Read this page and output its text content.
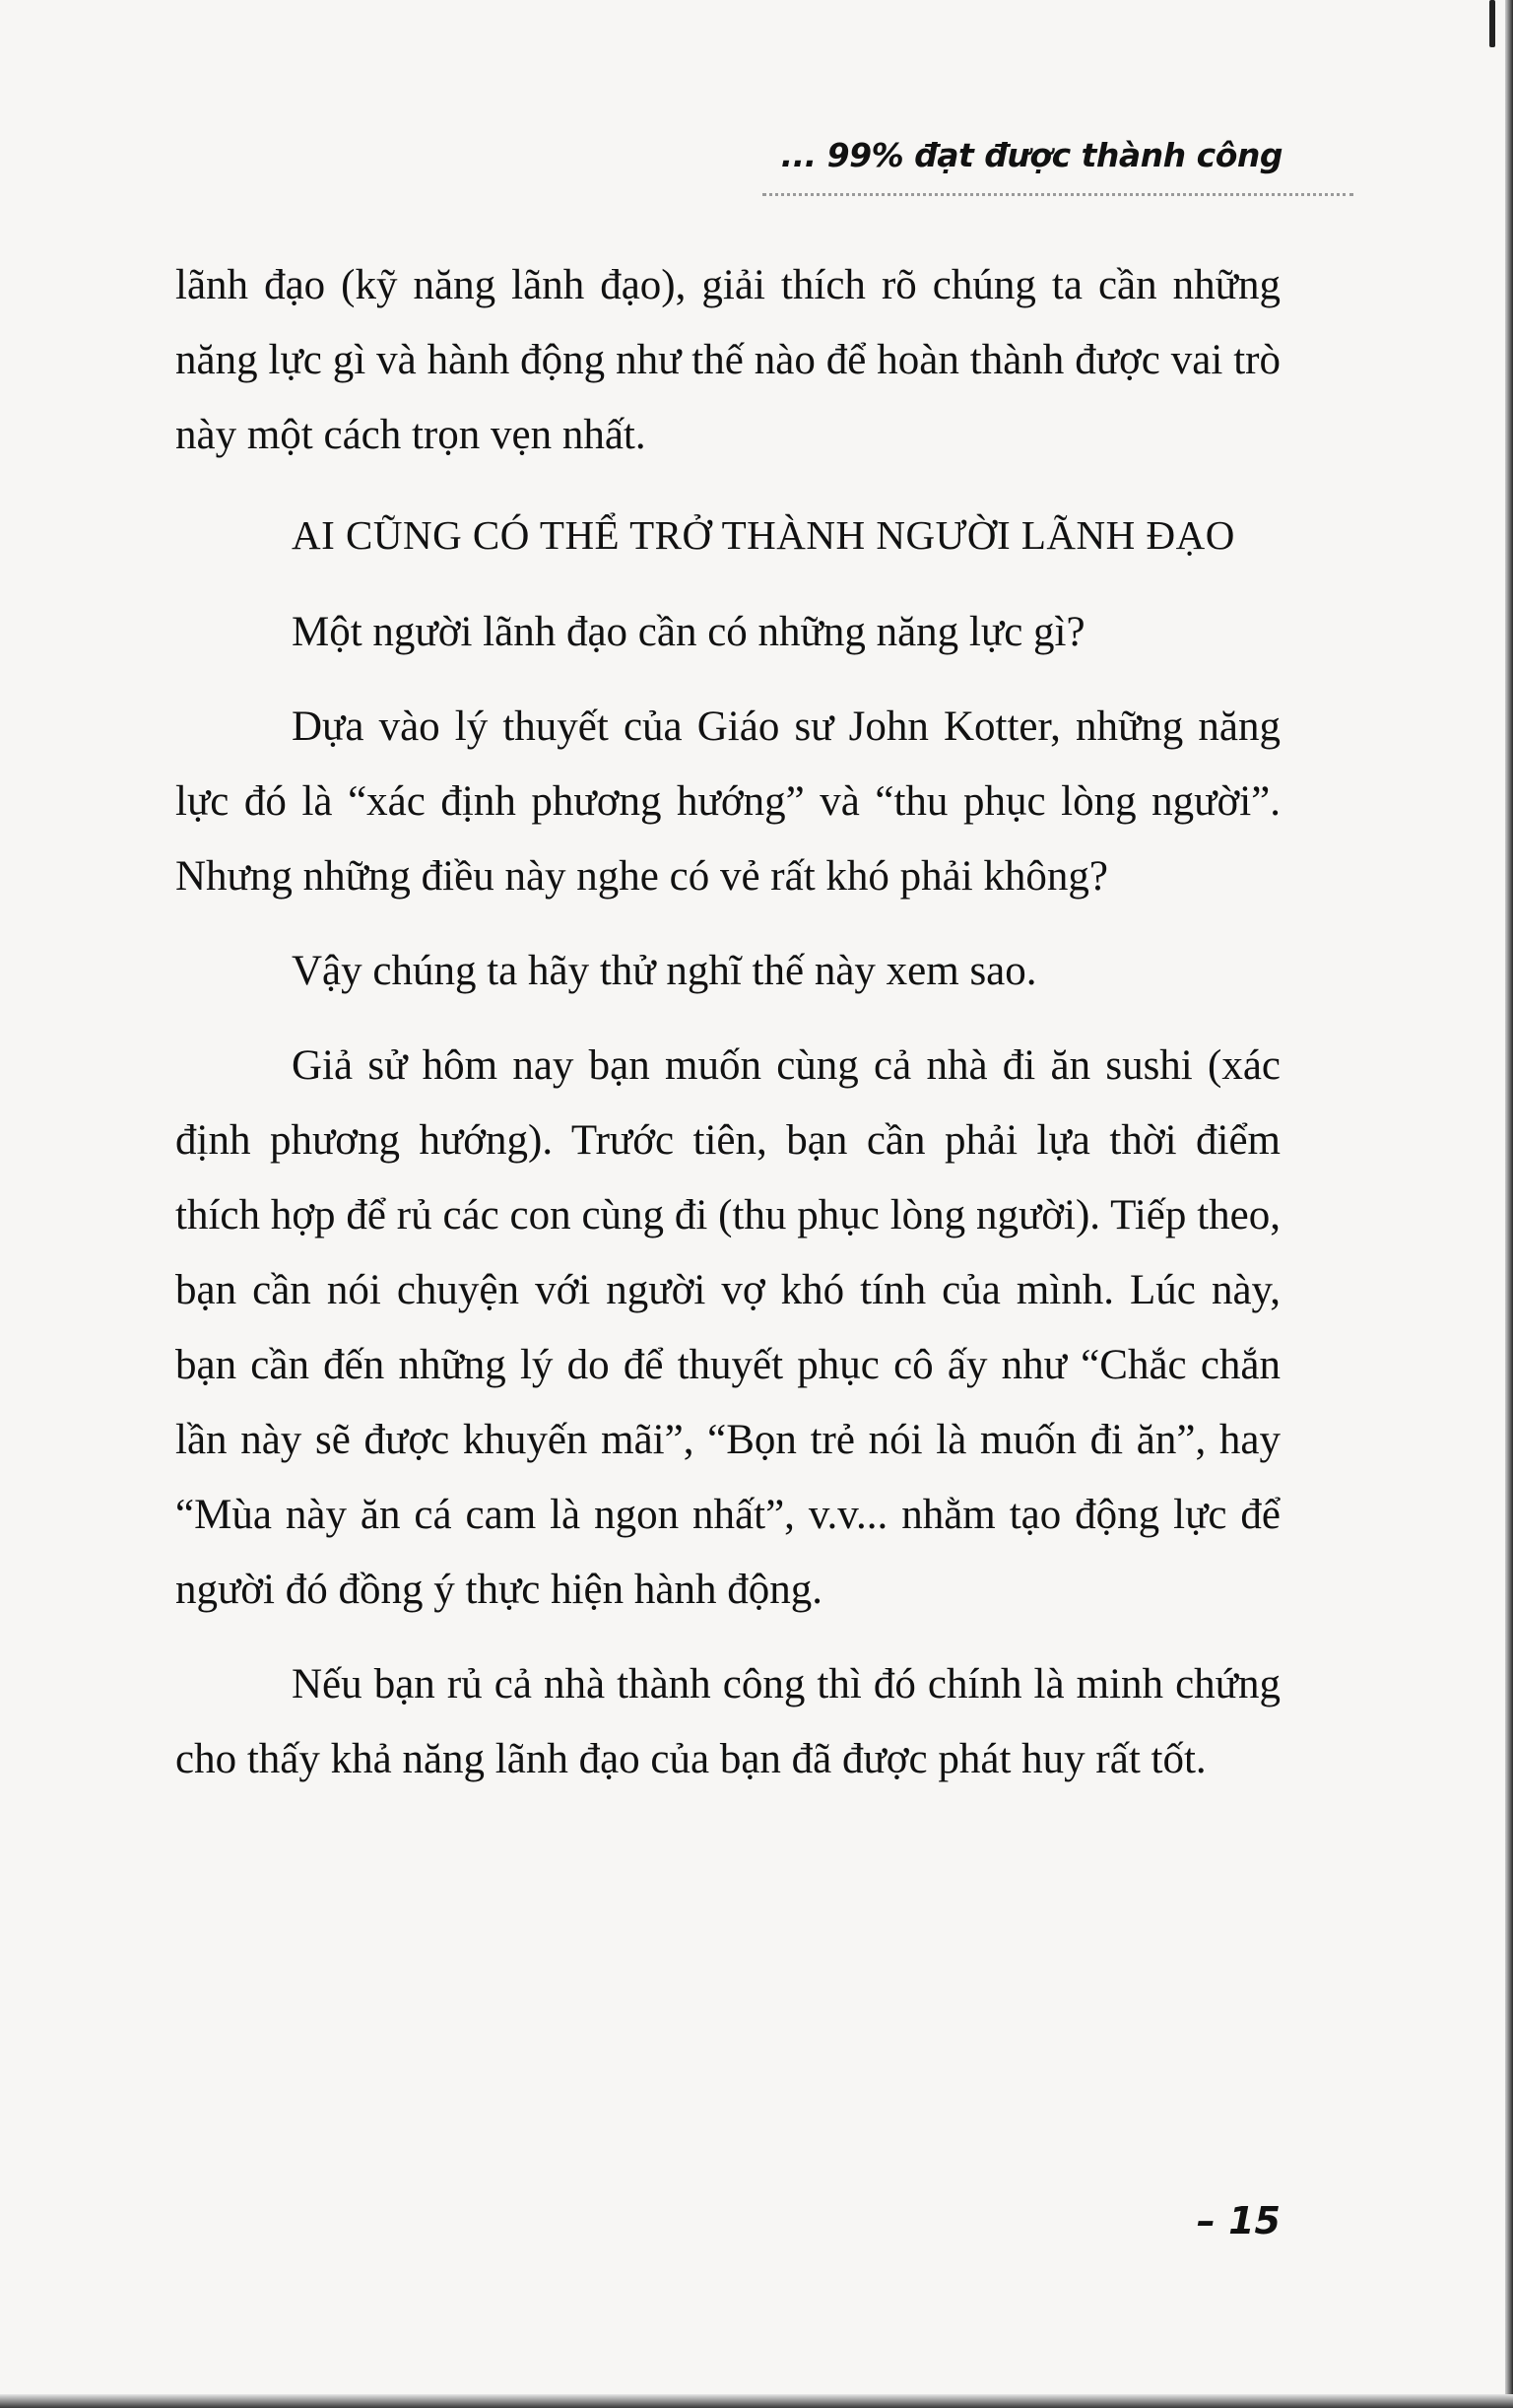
... 99% đạt được thành công

lãnh đạo (kỹ năng lãnh đạo), giải thích rõ chúng ta cần những năng lực gì và hành động như thế nào để hoàn thành được vai trò này một cách trọn vẹn nhất.

AI CŨNG CÓ THỂ TRỞ THÀNH NGƯỜI LÃNH ĐẠO

Một người lãnh đạo cần có những năng lực gì?

Dựa vào lý thuyết của Giáo sư John Kotter, những năng lực đó là “xác định phương hướng” và “thu phục lòng người”. Nhưng những điều này nghe có vẻ rất khó phải không?

Vậy chúng ta hãy thử nghĩ thế này xem sao.

Giả sử hôm nay bạn muốn cùng cả nhà đi ăn sushi (xác định phương hướng). Trước tiên, bạn cần phải lựa thời điểm thích hợp để rủ các con cùng đi (thu phục lòng người). Tiếp theo, bạn cần nói chuyện với người vợ khó tính của mình. Lúc này, bạn cần đến những lý do để thuyết phục cô ấy như “Chắc chắn lần này sẽ được khuyến mãi”, “Bọn trẻ nói là muốn đi ăn”, hay “Mùa này ăn cá cam là ngon nhất”, v.v... nhằm tạo động lực để người đó đồng ý thực hiện hành động.

Nếu bạn rủ cả nhà thành công thì đó chính là minh chứng cho thấy khả năng lãnh đạo của bạn đã được phát huy rất tốt.

– 15
